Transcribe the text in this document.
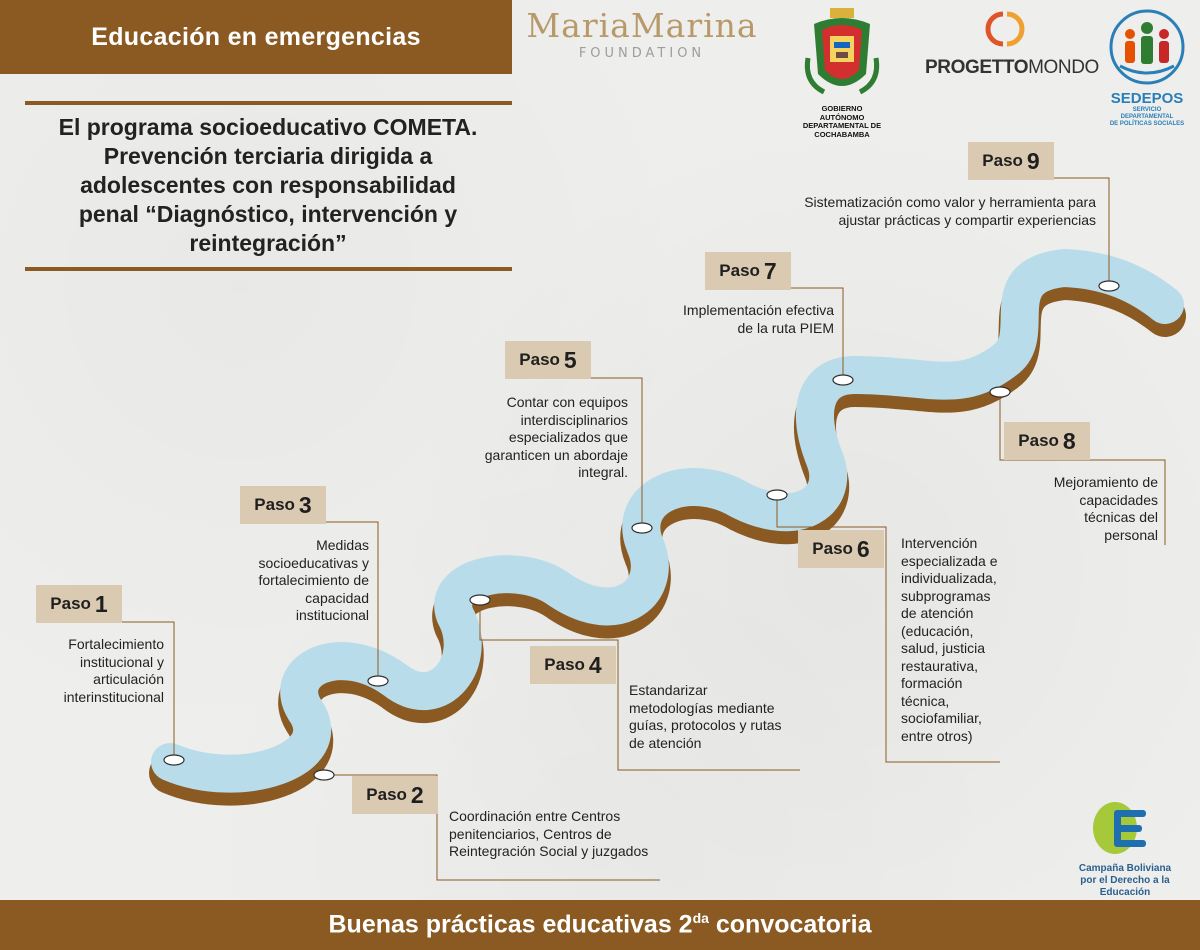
Educación en emergencias
El programa socioeducativo COMETA.
Prevención terciaria dirigida a
adolescentes con responsabilidad
penal “Diagnóstico, intervención y
reintegración”
MariaMarina
FOUNDATION
GOBIERNO AUTÓNOMO
DEPARTAMENTAL DE
COCHABAMBA
PROGETTOMONDO
SEDEPOS
SERVICIO DEPARTAMENTAL
DE POLÍTICAS SOCIALES
Paso 1
Paso 2
Paso 3
Paso 4
Paso 5
Paso 6
Paso 7
Paso 8
Paso 9
Fortalecimiento
institucional y
articulación
interinstitucional
Coordinación entre Centros
penitenciarios, Centros de
Reintegración Social y juzgados
Medidas
socioeducativas y
fortalecimiento de
capacidad
institucional
Estandarizar
metodologías mediante
guías, protocolos y rutas
de atención
Contar con equipos
interdisciplinarios
especializados que
garanticen un abordaje
integral.
Intervención
especializada e
individualizada,
subprogramas
de atención
(educación,
salud, justicia
restaurativa,
formación
técnica,
sociofamiliar,
entre otros)
Implementación efectiva
de la ruta PIEM
Mejoramiento de
capacidades
técnicas del
personal
Sistematización como valor y herramienta para
ajustar prácticas y compartir experiencias
Campaña Boliviana
por el Derecho a la Educación
Buenas prácticas educativas $2^{da}$ convocatoria
